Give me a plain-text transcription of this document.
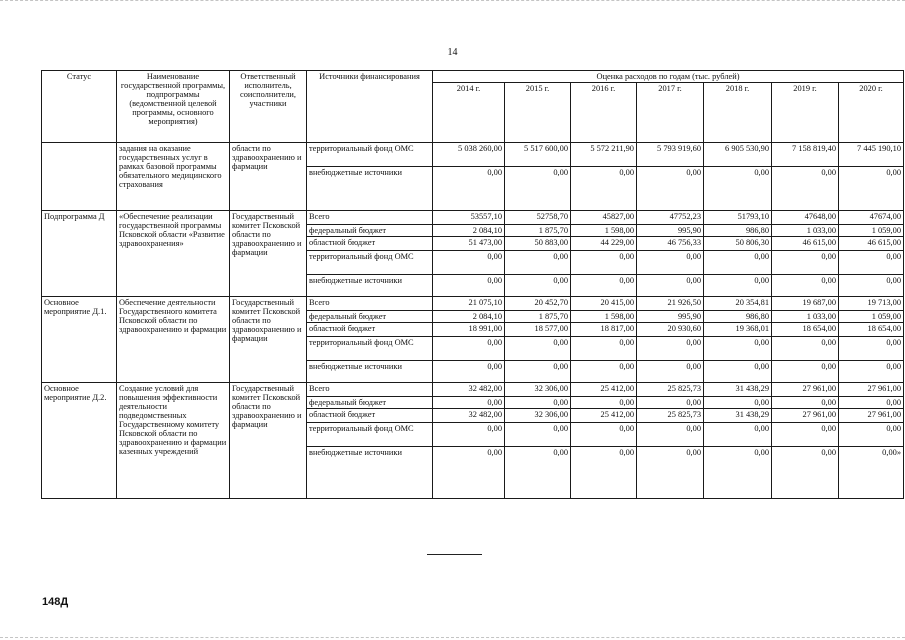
14
Статус	Наименование государственной программы, подпрограммы (ведомственной целевой программы, основного мероприятия)	Ответственный исполнитель, соисполнители, участники	Источники финансирования	Оценка расходов по годам (тыс. рублей)						
				2014 г.	2015 г.	2016 г.	2017 г.	2018 г.	2019 г.	2020 г.
	задания на оказание государственных услуг в рамках базовой программы обязательного медицинского страхования	области по здравоохранению и фармации	территориальный фонд ОМС	5 038 260,00	5 517 600,00	5 572 211,90	5 793 919,60	6 905 530,90	7 158 819,40	7 445 190,10
			внебюджетные источники	0,00	0,00	0,00	0,00	0,00	0,00	0,00
Подпрограмма Д	«Обеспечение реализации государственной программы Псковской области «Развитие здравоохранения»	Государственный комитет Псковской области по здравоохранению и фармации	Всего	53557,10	52758,70	45827,00	47752,23	51793,10	47648,00	47674,00
			федеральный бюджет	2 084,10	1 875,70	1 598,00	995,90	986,80	1 033,00	1 059,00
			областной бюджет	51 473,00	50 883,00	44 229,00	46 756,33	50 806,30	46 615,00	46 615,00
			территориальный фонд ОМС	0,00	0,00	0,00	0,00	0,00	0,00	0,00
			внебюджетные источники	0,00	0,00	0,00	0,00	0,00	0,00	0,00
Основное мероприятие Д.1.	Обеспечение деятельности Государственного комитета Псковской области по здравоохранению и фармации	Государственный комитет Псковской области по здравоохранению и фармации	Всего	21 075,10	20 452,70	20 415,00	21 926,50	20 354,81	19 687,00	19 713,00
			федеральный бюджет	2 084,10	1 875,70	1 598,00	995,90	986,80	1 033,00	1 059,00
			областной бюджет	18 991,00	18 577,00	18 817,00	20 930,60	19 368,01	18 654,00	18 654,00
			территориальный фонд ОМС	0,00	0,00	0,00	0,00	0,00	0,00	0,00
			внебюджетные источники	0,00	0,00	0,00	0,00	0,00	0,00	0,00
Основное мероприятие Д.2.	Создание условий для повышения эффективности деятельности подведомственных Государственному комитету Псковской области по здравоохранению и фармации казенных учреждений	Государственный комитет Псковской области по здравоохранению и фармации	Всего	32 482,00	32 306,00	25 412,00	25 825,73	31 438,29	27 961,00	27 961,00
			федеральный бюджет	0,00	0,00	0,00	0,00	0,00	0,00	0,00
			областной бюджет	32 482,00	32 306,00	25 412,00	25 825,73	31 438,29	27 961,00	27 961,00
			территориальный фонд ОМС	0,00	0,00	0,00	0,00	0,00	0,00	0,00
			внебюджетные источники	0,00	0,00	0,00	0,00	0,00	0,00	0,00»
148Д
